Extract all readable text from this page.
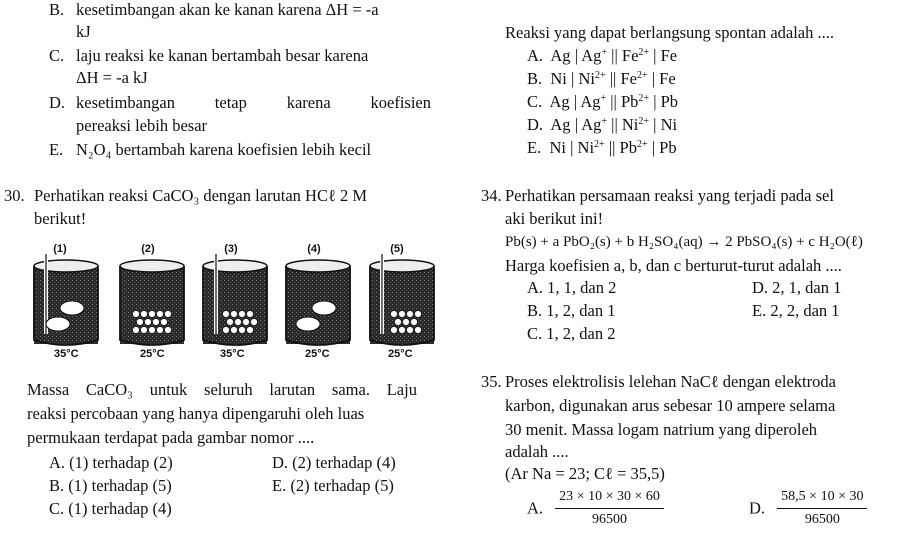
B. kesetimbangan akan ke kanan karena ΔH = -a
kJ
C. laju reaksi ke kanan bertambah besar karena
ΔH = -a kJ
D. kesetimbangan tetap karena koefisien
pereaksi lebih besar
E. N₂O₄ bertambah karena koefisien lebih kecil
30. Perhatikan reaksi CaCO₃ dengan larutan HCℓ 2 M
berikut!
(1)
35°C
(2)
25°C
(3)
35°C
(4)
25°C
(5)
25°C
Massa CaCO₃ untuk seluruh larutan sama. Laju
reaksi percobaan yang hanya dipengaruhi oleh luas
permukaan terdapat pada gambar nomor ....
A. (1) terhadap (2)	D. (2) terhadap (4)
B. (1) terhadap (5)	E. (2) terhadap (5)
C. (1) terhadap (4)
Reaksi yang dapat berlangsung spontan adalah ....
A. Ag | Ag+ || $Fe^{2+}$ | Fe
B. Ni | $Ni^{2+}$ || $Fe^{2+}$ | Fe
C. Ag | Ag+ || $Pb^{2+}$ | Pb
D. Ag | Ag+ || $Ni^{2+}$ | Ni
E. Ni | $Ni^{2+}$ || $Pb^{2+}$ | Pb
34. Perhatikan persamaan reaksi yang terjadi pada sel
aki berikut ini!
Pb(s) + a PbO₂(s) + b H₂SO₄(aq) → 2 PbSO₄(s) + c H₂O(ℓ)
Harga koefisien a, b, dan c berturut-turut adalah ....
A. 1, 1, dan 2	D. 2, 1, dan 1
B. 1, 2, dan 1	E. 2, 2, dan 1
C. 1, 2, dan 2
35. Proses elektrolisis lelehan NaCℓ dengan elektroda
karbon, digunakan arus sebesar 10 ampere selama
30 menit. Massa logam natrium yang diperoleh
adalah ....
(Ar Na = 23; Cℓ = 35,5)
A. $\frac{23 \times 10 \times 30 \times 60}{96500}$	D. $\frac{58,5 \times 10 \times 30}{96500}$
